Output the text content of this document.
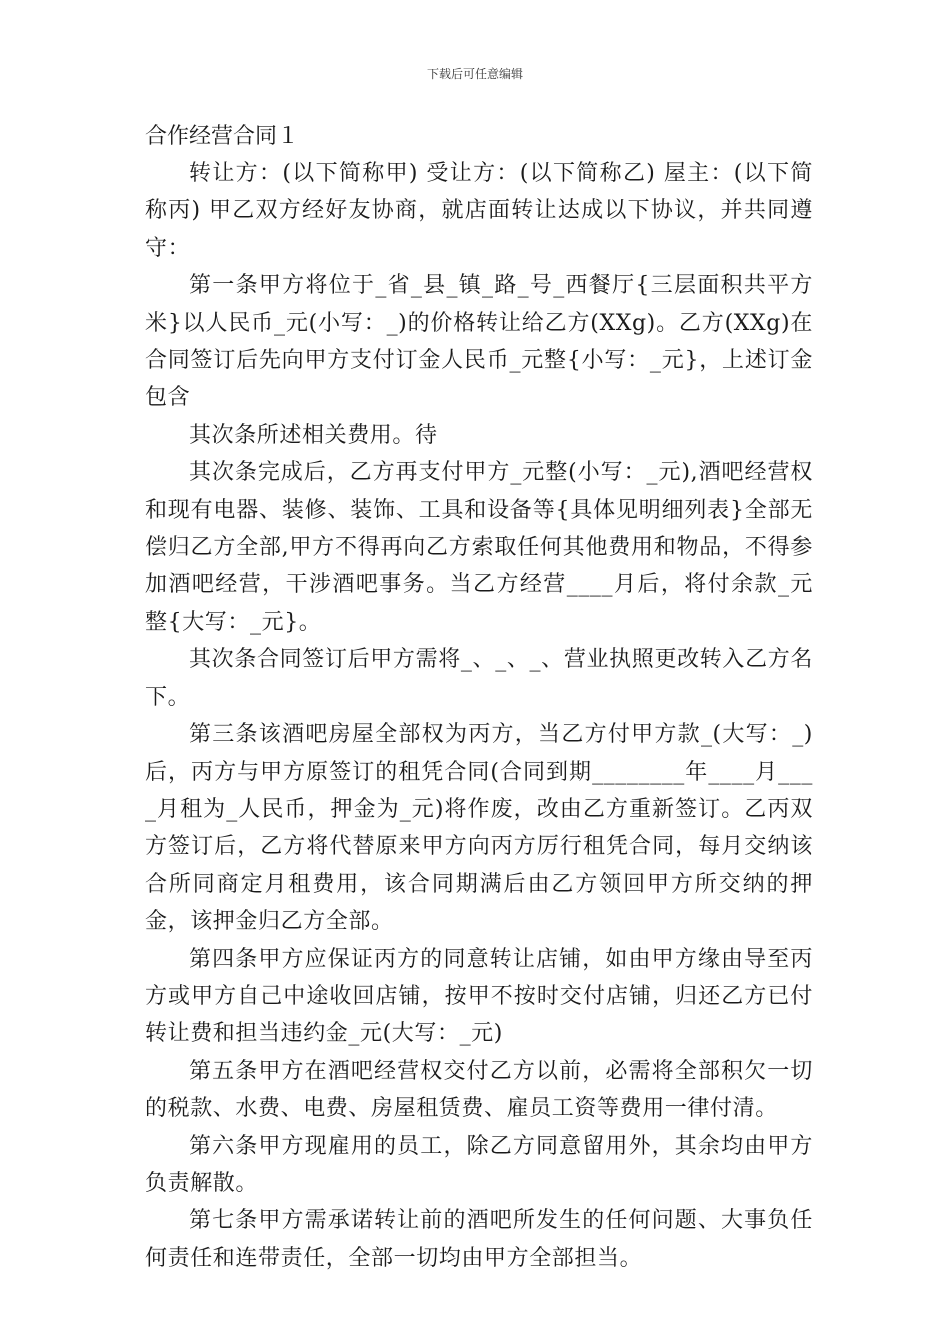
下载后可任意编辑
合作经营合同１

转让方：(以下简称甲) 受让方：(以下简称乙) 屋主：(以下简称丙) 甲乙双方经好友协商，就店面转让达成以下协议，并共同遵守：

第一条甲方将位于_省_县_镇_路_号_西餐厅{三层面积共平方米}以人民币_元(小写：_)的价格转让给乙方(XXg)。乙方(XXg)在合同签订后先向甲方支付订金人民币_元整{小写：_元}，上述订金包含

其次条所述相关费用。待

其次条完成后，乙方再支付甲方_元整(小写：_元),酒吧经营权和现有电器、装修、装饰、工具和设备等{具体见明细列表}全部无偿归乙方全部,甲方不得再向乙方索取任何其他费用和物品，不得参加酒吧经营，干涉酒吧事务。当乙方经营____月后，将付余款_元整{大写：_元}。

其次条合同签订后甲方需将_、_、_、营业执照更改转入乙方名下。

第三条该酒吧房屋全部权为丙方，当乙方付甲方款_(大写：_)后，丙方与甲方原签订的租凭合同(合同到期________年____月____月租为_人民币，押金为_元)将作废，改由乙方重新签订。乙丙双方签订后，乙方将代替原来甲方向丙方厉行租凭合同，每月交纳该合所同商定月租费用，该合同期满后由乙方领回甲方所交纳的押金，该押金归乙方全部。

第四条甲方应保证丙方的同意转让店铺，如由甲方缘由导至丙方或甲方自己中途收回店铺，按甲不按时交付店铺，归还乙方已付转让费和担当违约金_元(大写：_元)

第五条甲方在酒吧经营权交付乙方以前，必需将全部积欠一切的税款、水费、电费、房屋租赁费、雇员工资等费用一律付清。

第六条甲方现雇用的员工，除乙方同意留用外，其余均由甲方负责解散。

第七条甲方需承诺转让前的酒吧所发生的任何问题、大事负任何责任和连带责任，全部一切均由甲方全部担当。
